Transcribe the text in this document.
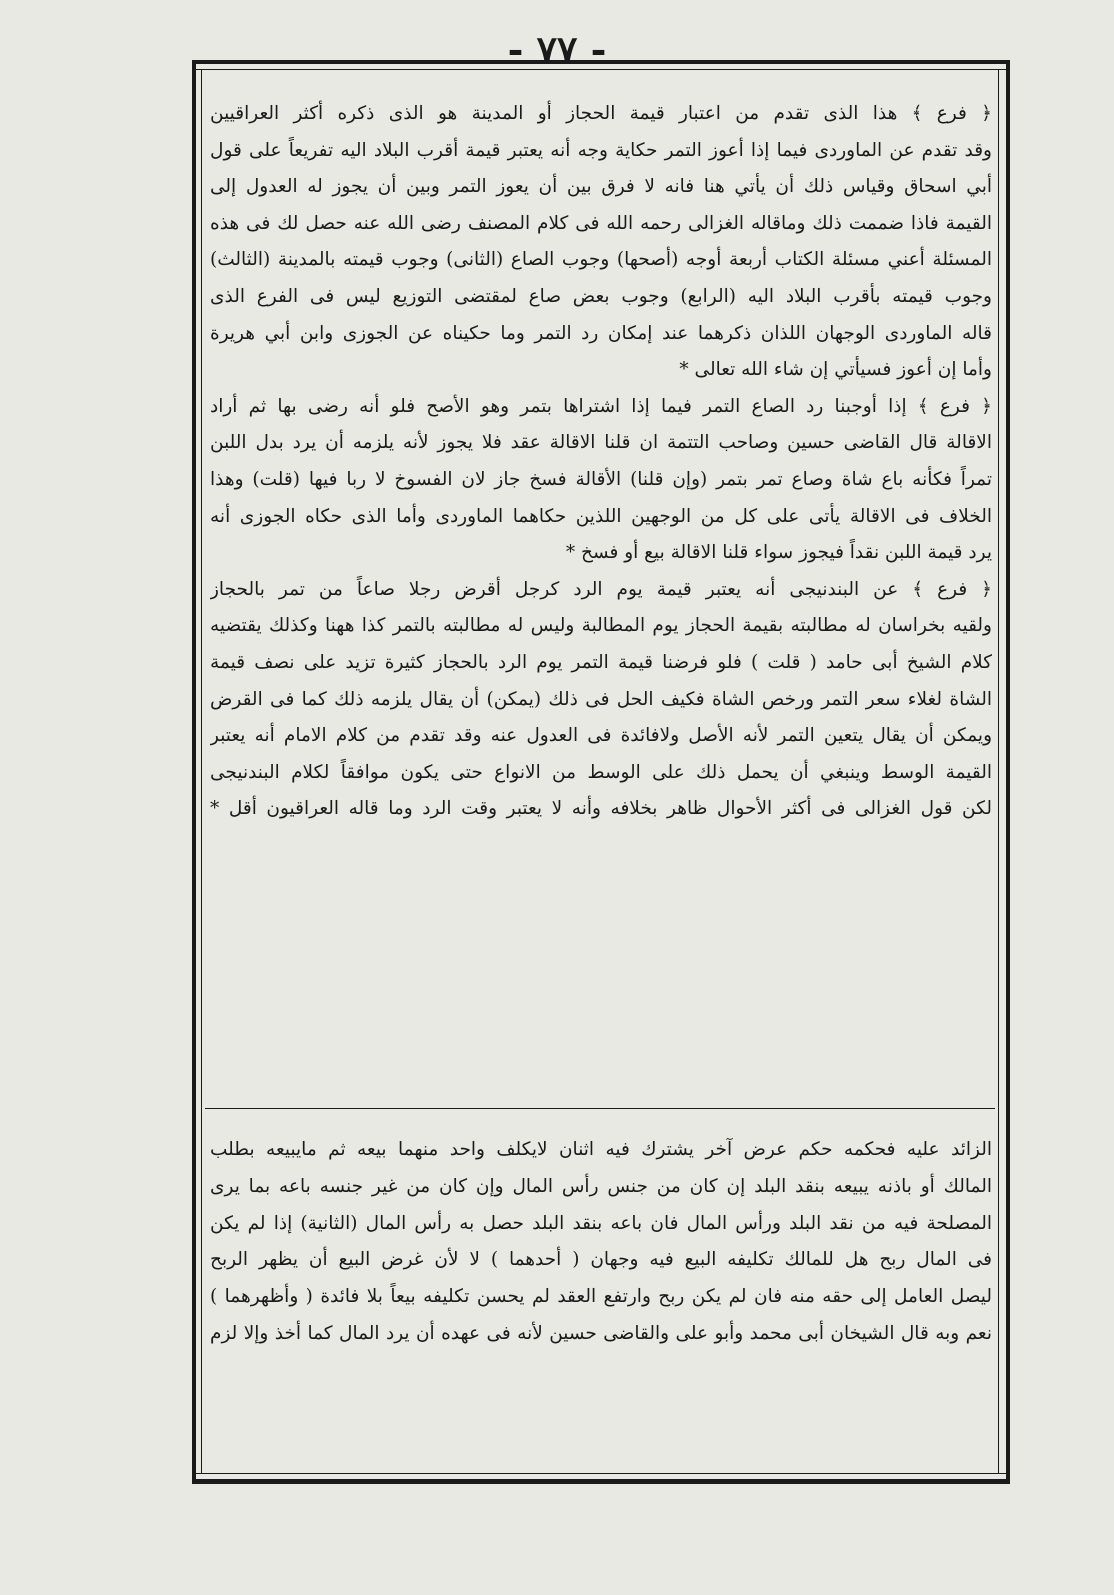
- ٧٧ -
﴿ فرع ﴾ هذا الذى تقدم من اعتبار قيمة الحجاز أو المدينة هو الذى ذكره أكثر العراقيين
وقد تقدم عن الماوردى فيما إذا أعوز التمر حكاية وجه أنه يعتبر قيمة أقرب البلاد اليه تفريعاً على قول
أبي اسحاق وقياس ذلك أن يأتي هنا فانه لا فرق بين أن يعوز التمر وبين أن يجوز له العدول إلى
القيمة فاذا ضممت ذلك وماقاله الغزالى رحمه الله فى كلام المصنف رضى الله عنه حصل لك فى هذه
المسئلة أعني مسئلة الكتاب أربعة أوجه (أصحها) وجوب الصاع (الثانى) وجوب قيمته بالمدينة (الثالث)
وجوب قيمته بأقرب البلاد اليه (الرابع) وجوب بعض صاع لمقتضى التوزيع ليس فى الفرع الذى
قاله الماوردى الوجهان اللذان ذكرهما عند إمكان رد التمر وما حكيناه عن الجوزى وابن أبي هريرة
وأما إن أعوز فسيأتي إن شاء الله تعالى *
﴿ فرع ﴾ إذا أوجبنا رد الصاع التمر فيما إذا اشتراها بتمر وهو الأصح فلو أنه رضى بها ثم أراد
الاقالة قال القاضى حسين وصاحب التتمة ان قلنا الاقالة عقد فلا يجوز لأنه يلزمه أن يرد بدل اللبن
تمراً فكأنه باع شاة وصاع تمر بتمر (وإن قلنا) الأقالة فسخ جاز لان الفسوخ لا ربا فيها (قلت) وهذا
الخلاف فى الاقالة يأتى على كل من الوجهين اللذين حكاهما الماوردى وأما الذى حكاه الجوزى أنه
يرد قيمة اللبن نقداً فيجوز سواء قلنا الاقالة بيع أو فسخ *
﴿ فرع ﴾ عن البندنيجى أنه يعتبر قيمة يوم الرد كرجل أقرض رجلا صاعاً من تمر بالحجاز
ولقيه بخراسان له مطالبته بقيمة الحجاز يوم المطالبة وليس له مطالبته بالتمر كذا ههنا وكذلك يقتضيه
كلام الشيخ أبى حامد ( قلت ) فلو فرضنا قيمة التمر يوم الرد بالحجاز كثيرة تزيد على نصف قيمة
الشاة لغلاء سعر التمر ورخص الشاة فكيف الحل فى ذلك (يمكن) أن يقال يلزمه ذلك كما فى القرض
ويمكن أن يقال يتعين التمر لأنه الأصل ولافائدة فى العدول عنه وقد تقدم من كلام الامام أنه يعتبر
القيمة الوسط وينبغي أن يحمل ذلك على الوسط من الانواع حتى يكون موافقاً لكلام البندنيجى
لكن قول الغزالى فى أكثر الأحوال ظاهر بخلافه وأنه لا يعتبر وقت الرد وما قاله العراقيون أقل *
الزائد عليه فحكمه حكم عرض آخر يشترك فيه اثنان لايكلف واحد منهما بيعه ثم مايبيعه بطلب
المالك أو باذنه يبيعه بنقد البلد إن كان من جنس رأس المال وإن كان من غير جنسه باعه بما يرى
المصلحة فيه من نقد البلد ورأس المال فان باعه بنقد البلد حصل به رأس المال (الثانية) إذا لم يكن
فى المال ربح هل للمالك تكليفه البيع فيه وجهان ( أحدهما ) لا لأن غرض البيع أن يظهر الربح
ليصل العامل إلى حقه منه فان لم يكن ربح وارتفع العقد لم يحسن تكليفه بيعاً بلا فائدة ( وأظهرهما )
نعم وبه قال الشيخان أبى محمد وأبو على والقاضى حسين لأنه فى عهده أن يرد المال كما أخذ وإلا لزم
